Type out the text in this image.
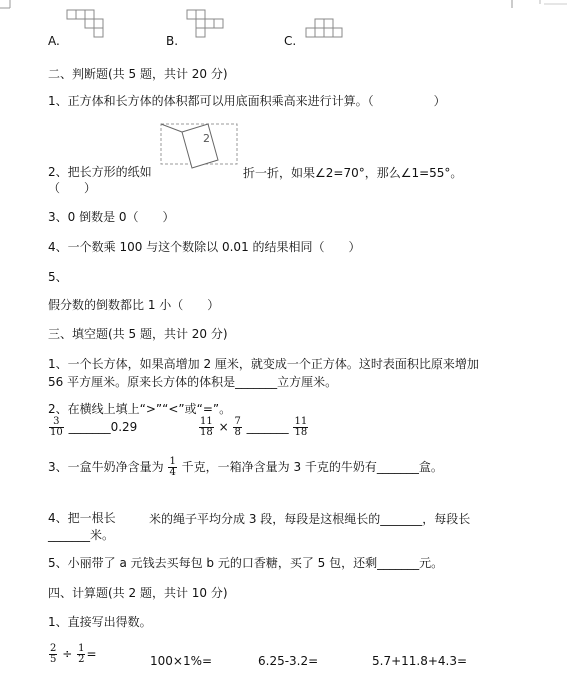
A.	B.	C.
二、判断题(共 5 题，共计 20 分)
1、正方体和长方体的体积都可以用底面积乘高来进行计算。（　　　　　）
2
2、把长方形的纸如	折一折，如果∠2=70°，那么∠1=55°。
（　　）
3、0 倒数是 0（　　）
4、一个数乘 100 与这个数除以 0.01 的结果相同（　　）
5、
假分数的倒数都比 1 小（　　）
三、填空题(共 5 题，共计 20 分)
1、一个长方体，如果高增加 2 厘米，就变成一个正方体。这时表面积比原来增加
56 平方厘米。原来长方体的体积是_______立方厘米。
2、在横线上填上“>”“<”或“=”。
$\frac{3}{10}$ _______0.29	$\frac{11}{18} \times \frac{7}{8}$ _______ $\frac{11}{18}$
3、一盒牛奶净含量为 $\frac{1}{4}$ 千克，一箱净含量为 3 千克的牛奶有_______盒。
4、把一根长	米的绳子平均分成 3 段，每段是这根绳长的_______，每段长
_______米。
5、小丽带了 a 元钱去买每包 b 元的口香糖，买了 5 包，还剩_______元。
四、计算题(共 2 题，共计 10 分)
1、直接写出得数。
$\frac{2}{5} \div \frac{1}{2}$ =	100×1%=	6.25-3.2=	5.7+11.8+4.3=
